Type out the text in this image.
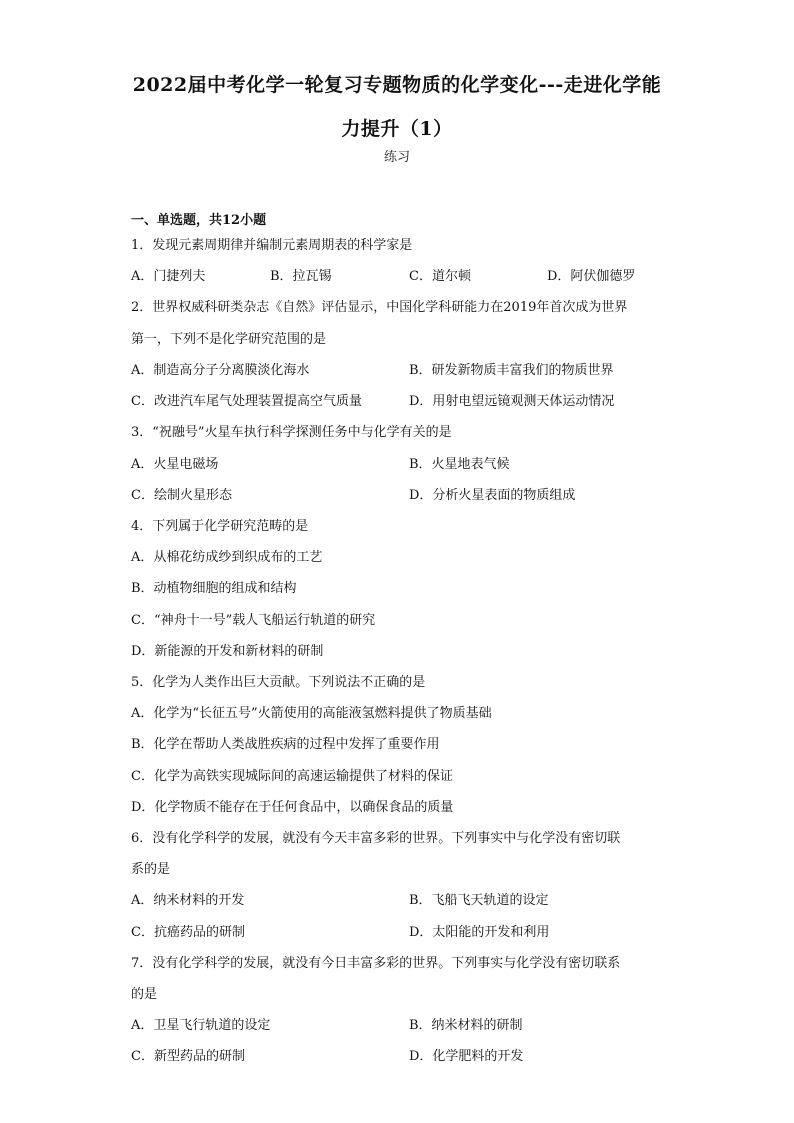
2022届中考化学一轮复习专题物质的化学变化---走进化学能
力提升（1）
练习
一、单选题，共12小题
1．发现元素周期律并编制元素周期表的科学家是
A．门捷列夫	B．拉瓦锡	C．道尔顿	D．阿伏伽德罗
2．世界权威科研类杂志《自然》评估显示，中国化学科研能力在2019年首次成为世界
第一，下列不是化学研究范围的是
A．制造高分子分离膜淡化海水	B．研发新物质丰富我们的物质世界
C．改进汽车尾气处理装置提高空气质量	D．用射电望远镜观测天体运动情况
3．“祝融号”火星车执行科学探测任务中与化学有关的是
A．火星电磁场	B．火星地表气候
C．绘制火星形态	D．分析火星表面的物质组成
4．下列属于化学研究范畴的是
A．从棉花纺成纱到织成布的工艺
B．动植物细胞的组成和结构
C．“神舟十一号”载人飞船运行轨道的研究
D．新能源的开发和新材料的研制
5．化学为人类作出巨大贡献。下列说法不正确的是
A．化学为“长征五号”火箭使用的高能液氢燃料提供了物质基础
B．化学在帮助人类战胜疾病的过程中发挥了重要作用
C．化学为高铁实现城际间的高速运输提供了材料的保证
D．化学物质不能存在于任何食品中，以确保食品的质量
6．没有化学科学的发展，就没有今天丰富多彩的世界。下列事实中与化学没有密切联
系的是
A．纳米材料的开发	B．飞船飞天轨道的设定
C．抗癌药品的研制	D．太阳能的开发和利用
7．没有化学科学的发展，就没有今日丰富多彩的世界。下列事实与化学没有密切联系
的是
A．卫星飞行轨道的设定	B．纳米材料的研制
C．新型药品的研制	D．化学肥料的开发
